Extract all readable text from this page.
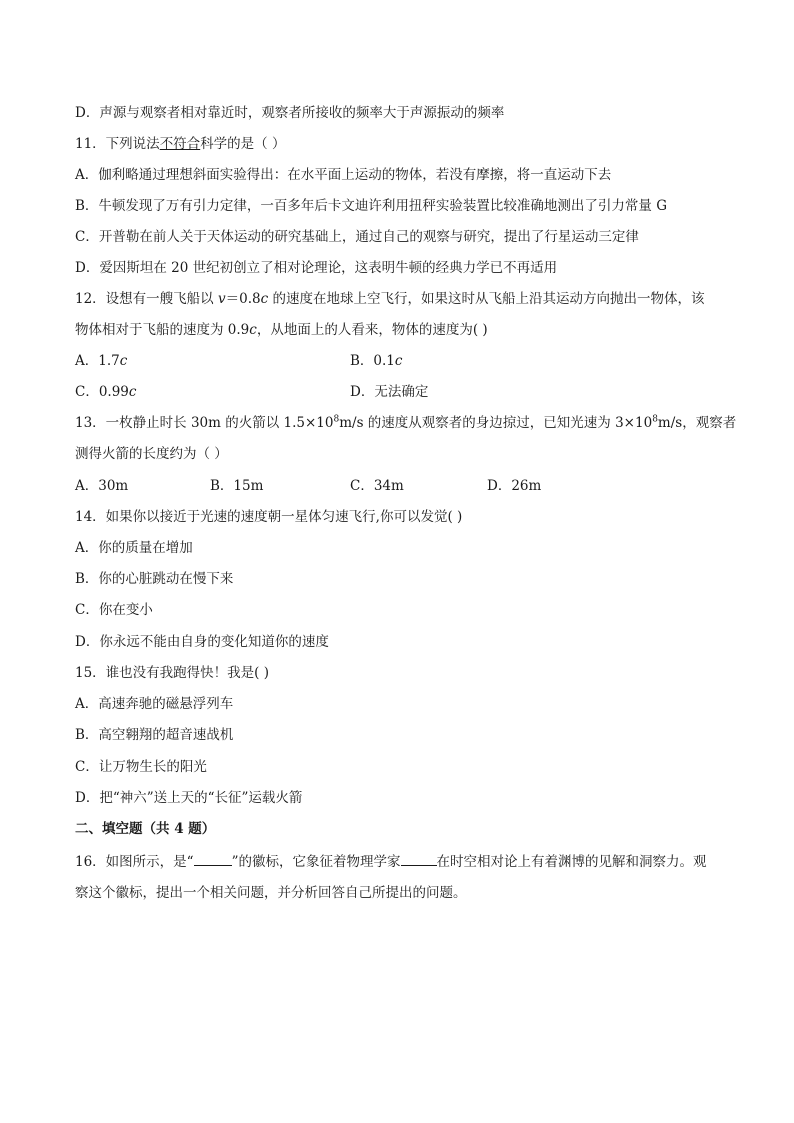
D．声源与观察者相对靠近时，观察者所接收的频率大于声源振动的频率
11．下列说法不符合科学的是（ ）
A．伽利略通过理想斜面实验得出：在水平面上运动的物体，若没有摩擦，将一直运动下去
B．牛顿发现了万有引力定律，一百多年后卡文迪许利用扭秤实验装置比较准确地测出了引力常量 G
C．开普勒在前人关于天体运动的研究基础上，通过自己的观察与研究，提出了行星运动三定律
D．爱因斯坦在 20 世纪初创立了相对论理论，这表明牛顿的经典力学已不再适用
12．设想有一艘飞船以 v＝0.8c 的速度在地球上空飞行，如果这时从飞船上沿其运动方向抛出一物体，该
物体相对于飞船的速度为 0.9c，从地面上的人看来，物体的速度为( )
A．1.7c	B．0.1c
C．0.99c	D．无法确定
13．一枚静止时长 30m 的火箭以 $1.5\times 10^8m/s$ 的速度从观察者的身边掠过，已知光速为 $3\times 10^8m/s$，观察者
测得火箭的长度约为（ ）
A．30m	B．15m	C．34m	D．26m
14．如果你以接近于光速的速度朝一星体匀速飞行,你可以发觉( )
A．你的质量在增加
B．你的心脏跳动在慢下来
C．你在变小
D．你永远不能由自身的变化知道你的速度
15．谁也没有我跑得快！我是( )
A．高速奔驰的磁悬浮列车
B．高空翱翔的超音速战机
C．让万物生长的阳光
D．把“神六”送上天的“长征”运载火箭
二、填空题（共 4 题）
16．如图所示，是“	”的徽标，它象征着物理学家	在时空相对论上有着渊博的见解和洞察力。观
察这个徽标，提出一个相关问题，并分析回答自己所提出的问题。
